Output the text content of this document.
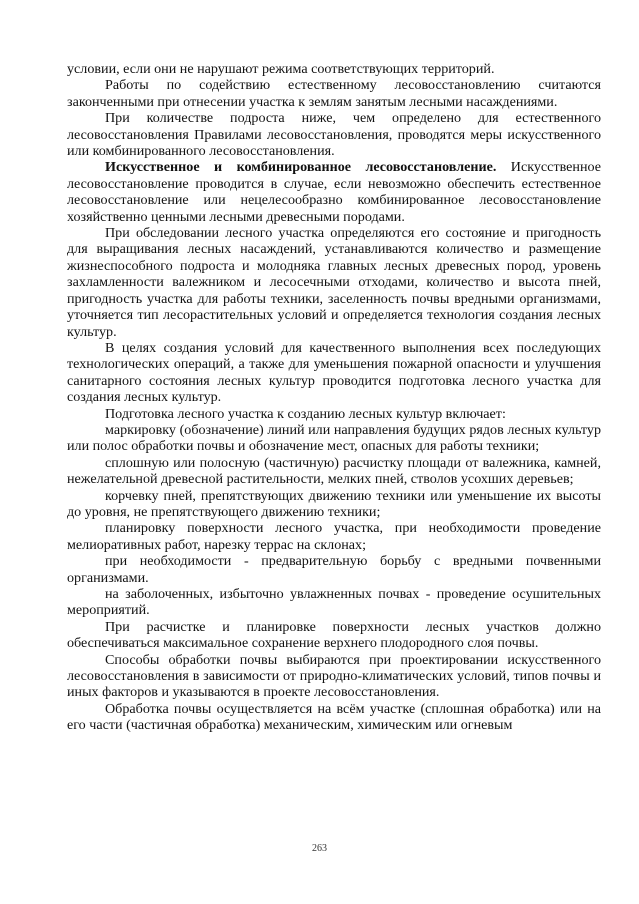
условии, если они не нарушают режима соответствующих территорий.

Работы по содействию естественному лесовосстановлению считаются законченными при отнесении участка к землям занятым лесными насаждениями.

При количестве подроста ниже, чем определено для естественного лесовосстановления Правилами лесовосстановления, проводятся меры искусственного или комбинированного лесовосстановления.

Искусственное и комбинированное лесовосстановление. Искусственное лесовосстановление проводится в случае, если невозможно обеспечить естественное лесовосстановление или нецелесообразно комбинированное лесовосстановление хозяйственно ценными лесными древесными породами.

При обследовании лесного участка определяются его состояние и пригодность для выращивания лесных насаждений, устанавливаются количество и размещение жизнеспособного подроста и молодняка главных лесных древесных пород, уровень захламленности валежником и лесосечными отходами, количество и высота пней, пригодность участка для работы техники, заселенность почвы вредными организмами, уточняется тип лесорастительных условий и определяется технология создания лесных культур.

В целях создания условий для качественного выполнения всех последующих технологических операций, а также для уменьшения пожарной опасности и улучшения санитарного состояния лесных культур проводится подготовка лесного участка для создания лесных культур.

Подготовка лесного участка к созданию лесных культур включает:

маркировку (обозначение) линий или направления будущих рядов лесных культур или полос обработки почвы и обозначение мест, опасных для работы техники;

сплошную или полосную (частичную) расчистку площади от валежника, камней, нежелательной древесной растительности, мелких пней, стволов усохших деревьев;

корчевку пней, препятствующих движению техники или уменьшение их высоты до уровня, не препятствующего движению техники;

планировку поверхности лесного участка, при необходимости проведение мелиоративных работ, нарезку террас на склонах;

при необходимости - предварительную борьбу с вредными почвенными организмами.

на заболоченных, избыточно увлажненных почвах - проведение осушительных мероприятий.

При расчистке и планировке поверхности лесных участков должно обеспечиваться максимальное сохранение верхнего плодородного слоя почвы.

Способы обработки почвы выбираются при проектировании искусственного лесовосстановления в зависимости от природно-климатических условий, типов почвы и иных факторов и указываются в проекте лесовосстановления.

Обработка почвы осуществляется на всём участке (сплошная обработка) или на его части (частичная обработка) механическим, химическим или огневым

263
